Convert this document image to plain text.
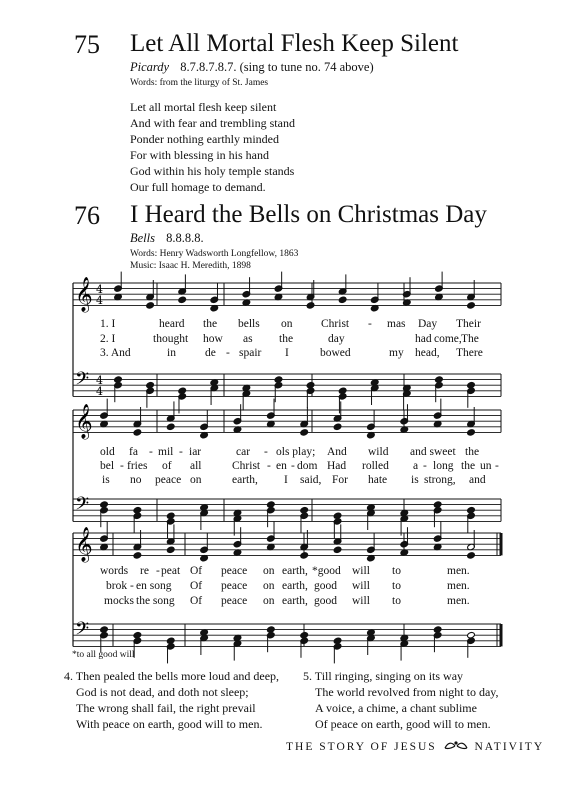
75 Let All Mortal Flesh Keep Silent
Picardy 8.7.8.7.8.7. (sing to tune no. 74 above)
Words: from the liturgy of St. James
Let all mortal flesh keep silent
And with fear and trembling stand
Ponder nothing earthly minded
For with blessing in his hand
God within his holy temple stands
Our full homage to demand.
76 I Heard the Bells on Christmas Day
Bells 8.8.8.8.
Words: Henry Wadsworth Longfellow, 1863
Music: Isaac H. Meredith, 1898
𝄞
𝄢
4
4
4
4
𝄞
𝄢
𝄞
𝄢
1. I	heard the bells on Christ - mas Day Their
2. I	thought how as the	day	had come, The
3. And	in	de - spair I	bowed	my head, There
old fa - mil - iar	car - ols play; And wild and sweet the
bel - fries of all	Christ - en - dom Had rolled a - long the un -
is no peace on	earth, I said, For hate is strong, and
words re - peat Of peace on earth, *good will to	men.
brok - en song Of peace on earth, good will to	men.
mocks the song Of peace on earth, good will to	men.
*to all good will
4. Then pealed the bells more loud and deep,
God is not dead, and doth not sleep;
The wrong shall fail, the right prevail
With peace on earth, good will to men.
5. Till ringing, singing on its way
The world revolved from night to day,
A voice, a chime, a chant sublime
Of peace on earth, good will to men.
THE STORY OF JESUS	NATIVITY
